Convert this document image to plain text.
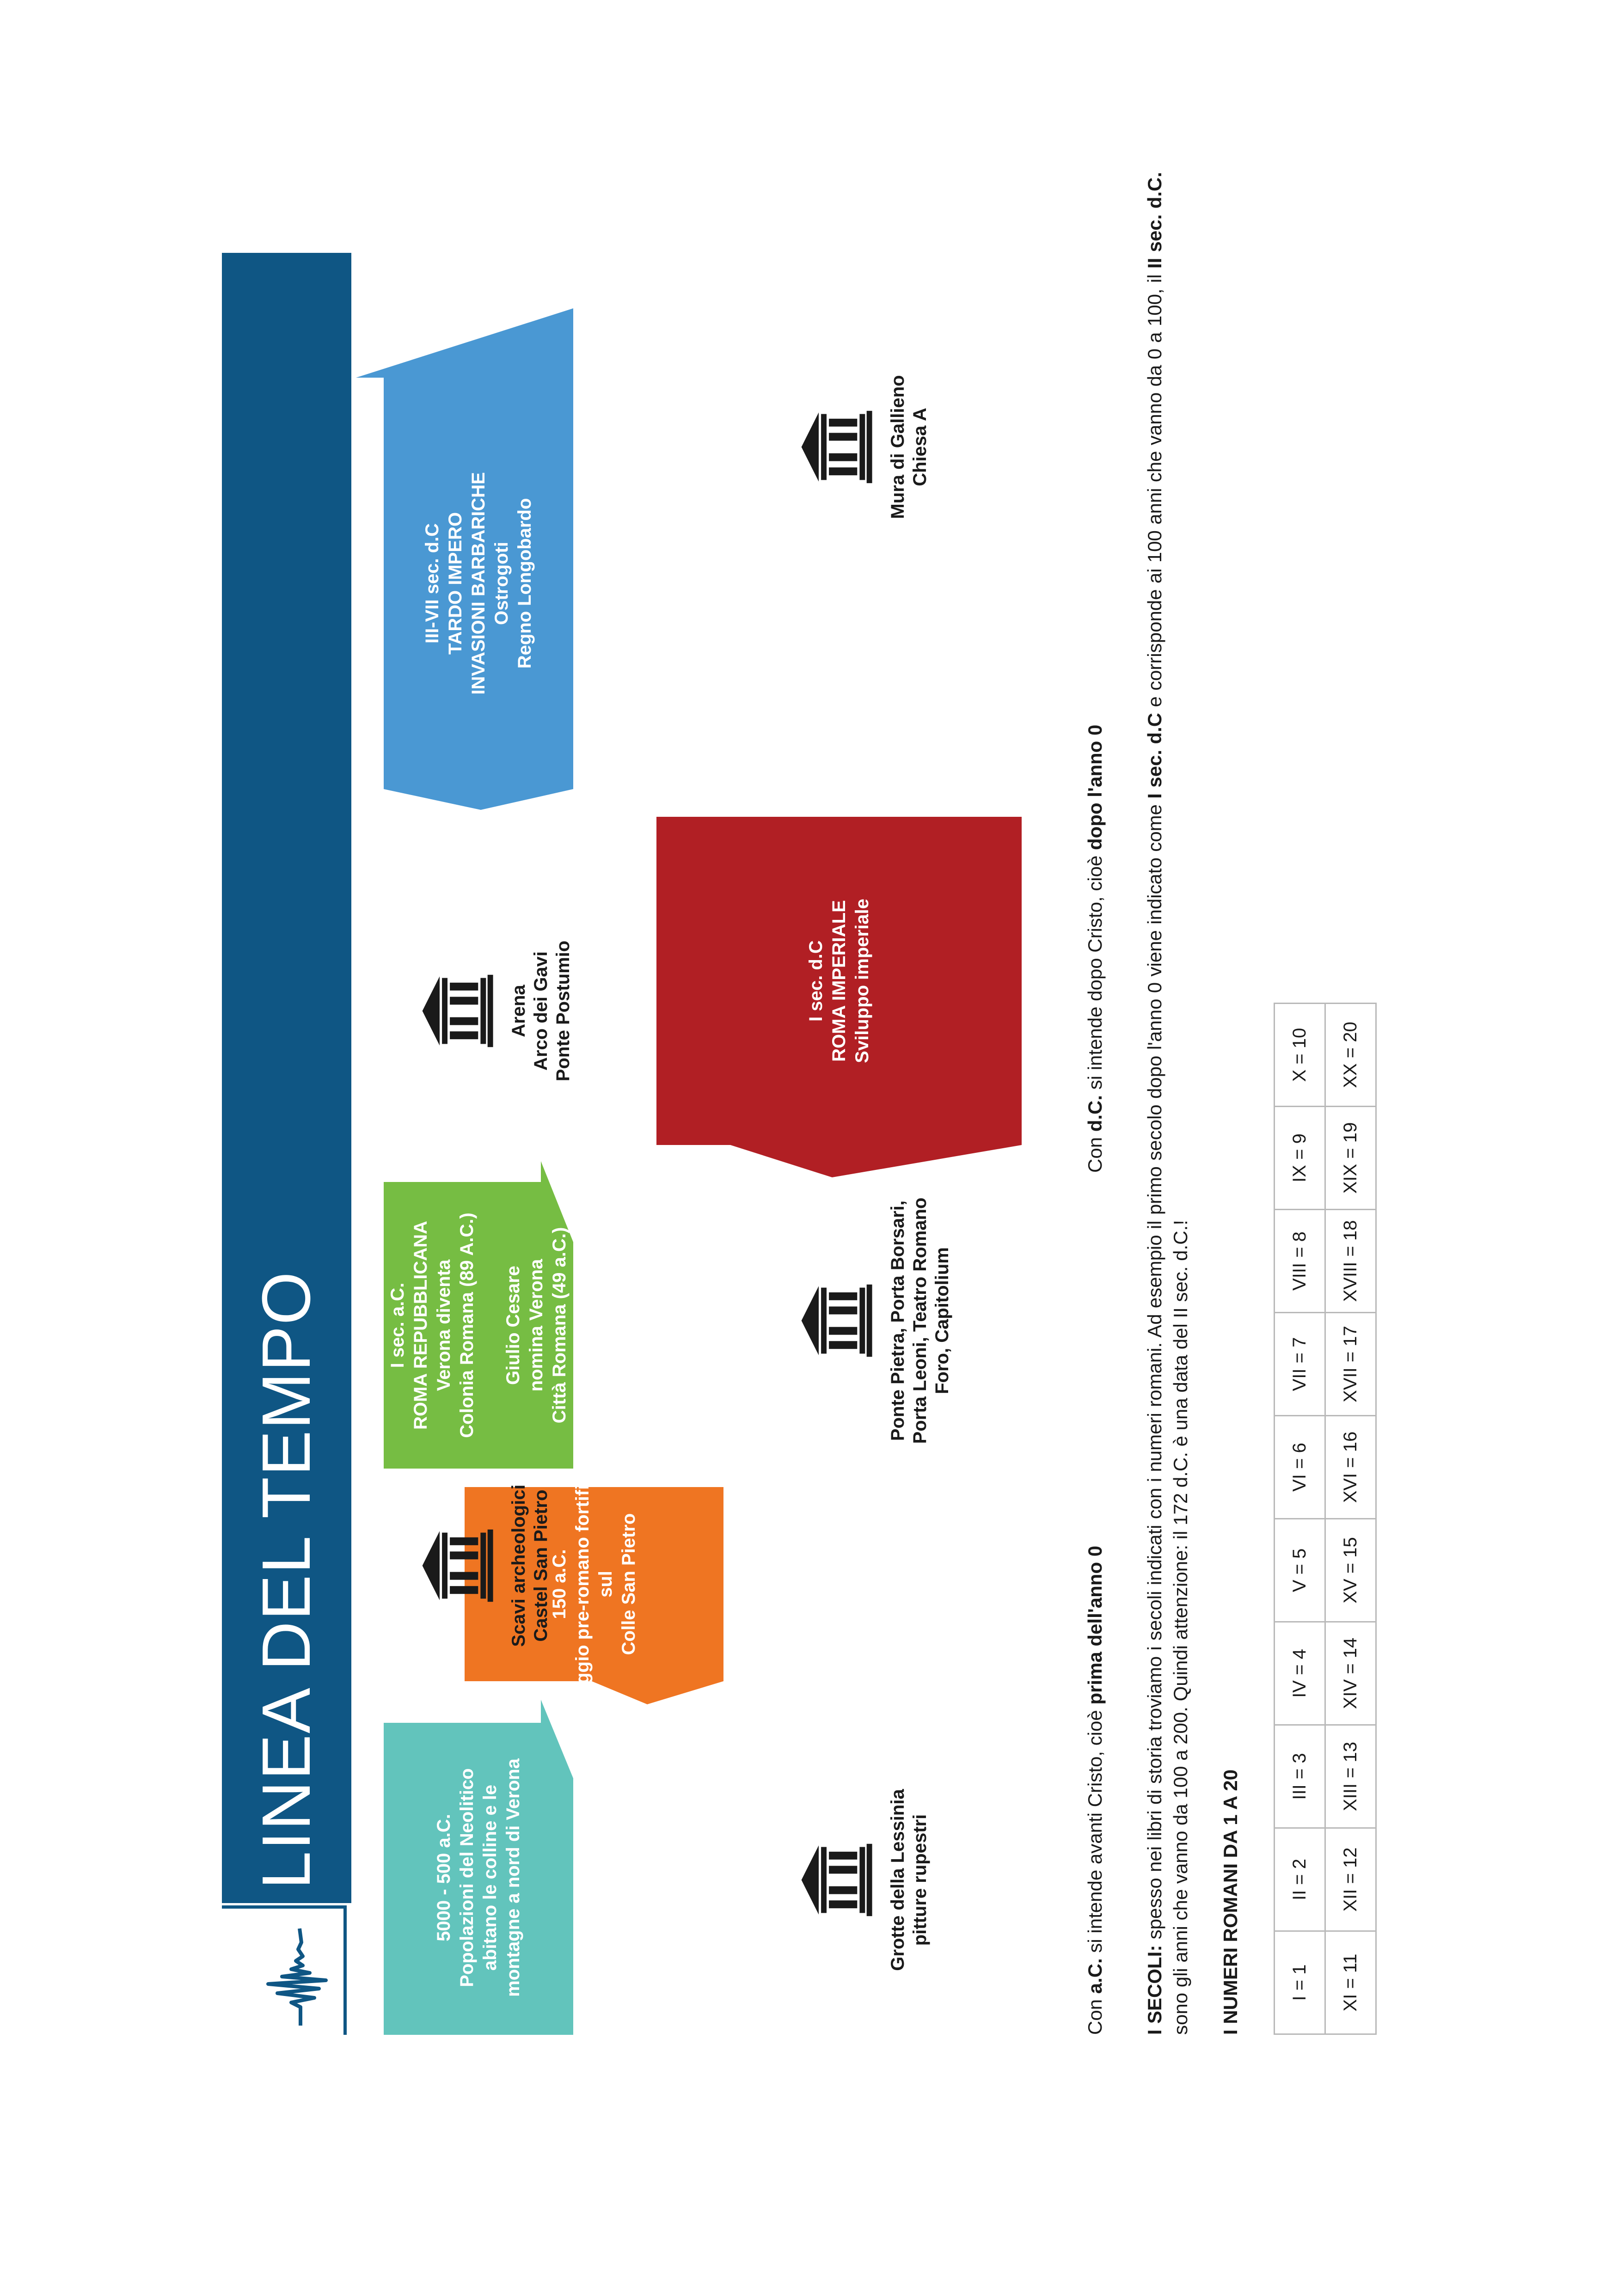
LINEA DEL TEMPO	5000 - 500 a.C. Popolazioni del Neolitico abitano le colline e le montagne a nord di Verona
150 a.C. Villaggio pre-romano fortificato sul Colle San Pietro
I sec. a.C. ROMA REPUBBLICANA Verona diventa Colonia Romana (89 A.C.) Giulio Cesare nomina Verona Città Romana (49 a.C.)
I sec. d.C ROMA IMPERIALE Sviluppo imperiale
III-VII sec. d.C TARDO IMPERO INVASIONI BARBARICHE Ostrogoti Regno Longobardo
Grotte della Lessinia pitture rupestri
Scavi archeologici Castel San Pietro
Ponte Pietra, Porta Borsari, Porta Leoni, Teatro Romano Foro, Capitolium
Arena Arco dei Gavi Ponte Postumio
Mura di Gallieno Chiesa A
Con a.C. si intende avanti Cristo, cioè prima dell'anno 0
Con d.C. si intende dopo Cristo, cioè dopo l'anno 0
I SECOLI: spesso nei libri di storia troviamo i secoli indicati con i numeri romani. Ad esempio il primo secolo dopo l'anno 0 viene indicato come I sec. d.C e corrisponde ai 100 anni che vanno da 0 a 100, il II sec. d.C. sono gli anni che vanno da 100 a 200. Quindi attenzione: il 172 d.C. è una data del II sec. d.C.! I NUMERI ROMANI DA 1 A 20	I = 1	II = 2	III = 3	IV = 4	V = 5	VI = 6	VII = 7	VIII = 8	IX = 9	X = 10
XI = 11	XII = 12	XIII = 13	XIV = 14	XV = 15	XVI = 16	XVII = 17	XVIII = 18	XIX = 19	XX = 20
